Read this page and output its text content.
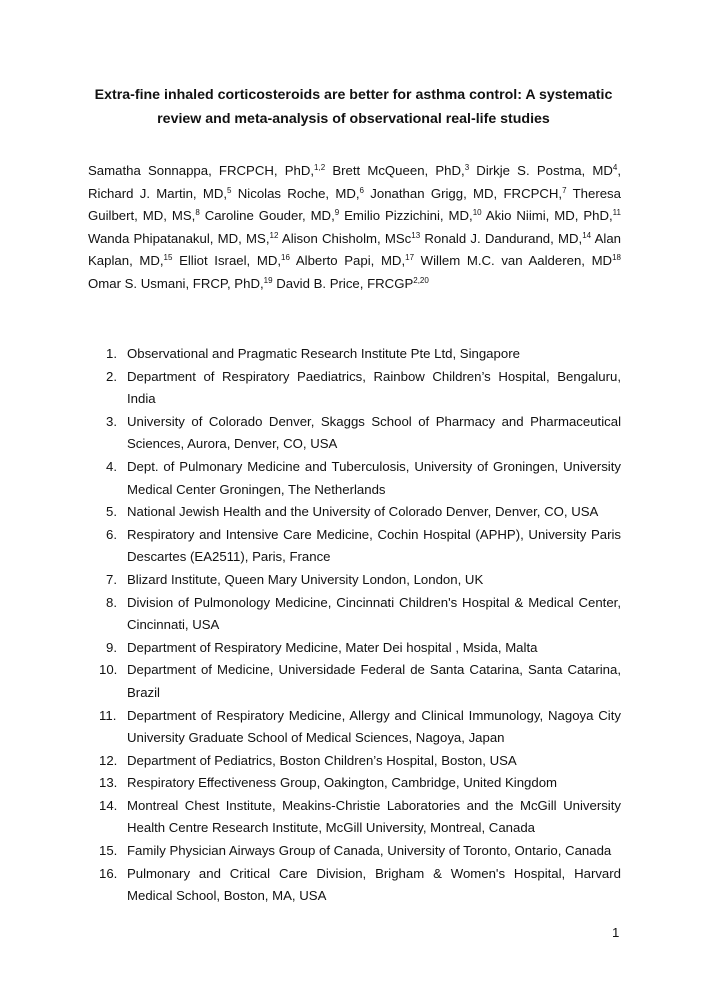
Extra-fine inhaled corticosteroids are better for asthma control: A systematic
review and meta-analysis of observational real-life studies
Samatha Sonnappa, FRCPCH, PhD,$^{1,2}$ Brett McQueen, PhD,$^3$ Dirkje S. Postma, $MD^4$, Richard J. Martin, MD,$^5$ Nicolas Roche, MD,$^6$ Jonathan Grigg, MD, FRCPCH,$^7$ Theresa Guilbert, MD, MS,$^8$ Caroline Gouder, MD,$^9$ Emilio Pizzichini, MD,$^{10}$ Akio Niimi, MD, PhD,$^{11}$ Wanda Phipatanakul, MD, MS,$^{12}$ Alison Chisholm, MSc$^{13}$ Ronald J. Dandurand, MD,$^{14}$ Alan Kaplan, MD,$^{15}$ Elliot Israel, MD,$^{16}$ Alberto Papi, MD,$^{17}$ Willem M.C. van Aalderen, MD$^{18}$ Omar S. Usmani, FRCP, PhD,$^{19}$ David B. Price, FRCGP$^{2,20}$
1. Observational and Pragmatic Research Institute Pte Ltd, Singapore
2. Department of Respiratory Paediatrics, Rainbow Children’s Hospital, Bengaluru, India
3. University of Colorado Denver, Skaggs School of Pharmacy and Pharmaceutical Sciences, Aurora, Denver, CO, USA
4. Dept. of Pulmonary Medicine and Tuberculosis, University of Groningen, University Medical Center Groningen, The Netherlands
5. National Jewish Health and the University of Colorado Denver, Denver, CO, USA
6. Respiratory and Intensive Care Medicine, Cochin Hospital (APHP), University Paris Descartes (EA2511), Paris, France
7. Blizard Institute, Queen Mary University London, London, UK
8. Division of Pulmonology Medicine, Cincinnati Children's Hospital & Medical Center, Cincinnati, USA
9. Department of Respiratory Medicine, Mater Dei hospital , Msida, Malta
10. Department of Medicine, Universidade Federal de Santa Catarina, Santa Catarina, Brazil
11. Department of Respiratory Medicine, Allergy and Clinical Immunology, Nagoya City University Graduate School of Medical Sciences, Nagoya, Japan
12. Department of Pediatrics, Boston Children’s Hospital, Boston, USA
13. Respiratory Effectiveness Group, Oakington, Cambridge, United Kingdom
14. Montreal Chest Institute, Meakins-Christie Laboratories and the McGill University Health Centre Research Institute, McGill University, Montreal, Canada
15. Family Physician Airways Group of Canada, University of Toronto, Ontario, Canada
16. Pulmonary and Critical Care Division, Brigham & Women's Hospital, Harvard Medical School, Boston, MA, USA
1
